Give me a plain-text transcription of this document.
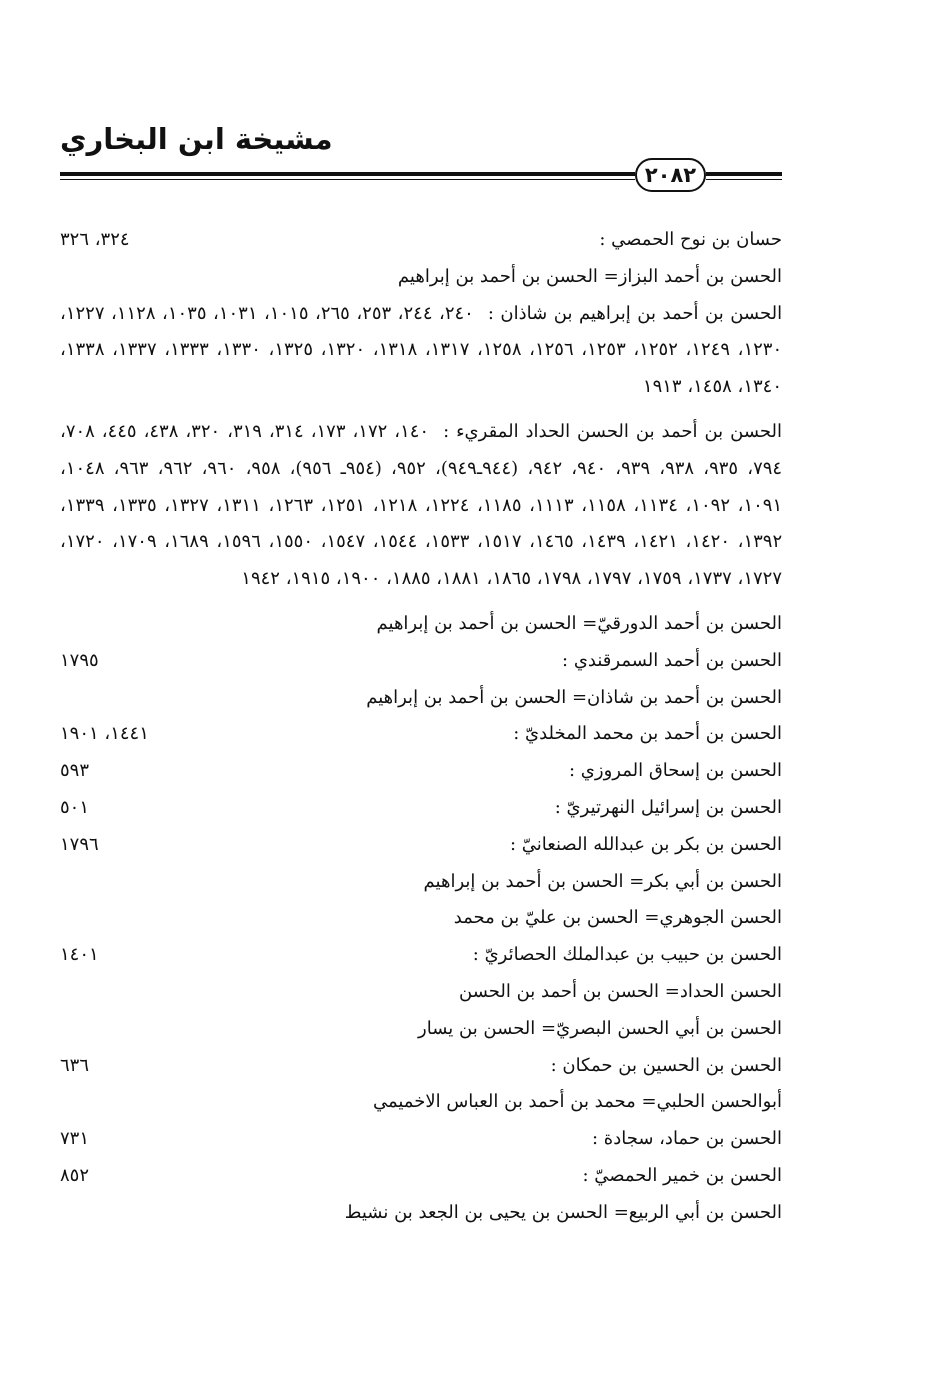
مشيخة ابن البخاري
٢٠٨٢
حسان بن نوح الحمصي :
٣٢٤، ٣٢٦
الحسن بن أحمد البزاز= الحسن بن أحمد بن إبراهيم
الحسن بن أحمد بن إبراهيم بن شاذان :٢٤٠، ٢٤٤، ٢٥٣، ٢٦٥، ١٠١٥، ١٠٣١، ١٠٣٥، ١١٢٨، ١٢٢٧، ١٢٣٠، ١٢٤٩، ١٢٥٢، ١٢٥٣، ١٢٥٦، ١٢٥٨، ١٣١٧، ١٣١٨، ١٣٢٠، ١٣٢٥، ١٣٣٠، ١٣٣٣، ١٣٣٧، ١٣٣٨، ١٣٤٠، ١٤٥٨، ١٩١٣
الحسن بن أحمد بن الحسن الحداد المقريء :١٤٠، ١٧٢، ١٧٣، ٣١٤، ٣١٩، ٣٢٠، ٤٣٨، ٤٤٥، ٧٠٨، ٧٩٤، ٩٣٥، ٩٣٨، ٩٣٩، ٩٤٠، ٩٤٢، (٩٤٤ـ٩٤٩)، ٩٥٢، (٩٥٤ـ ٩٥٦)، ٩٥٨، ٩٦٠، ٩٦٢، ٩٦٣، ١٠٤٨، ١٠٩١، ١٠٩٢، ١١٣٤، ١١٥٨، ١١١٣، ١١٨٥، ١٢٢٤، ١٢١٨، ١٢٥١، ١٢٦٣، ١٣١١، ١٣٢٧، ١٣٣٥، ١٣٣٩، ١٣٩٢، ١٤٢٠، ١٤٢١، ١٤٣٩، ١٤٦٥، ١٥١٧، ١٥٣٣، ١٥٤٤، ١٥٤٧، ١٥٥٠، ١٥٩٦، ١٦٨٩، ١٧٠٩، ١٧٢٠، ١٧٢٧، ١٧٣٧، ١٧٥٩، ١٧٩٧، ١٧٩٨، ١٨٦٥، ١٨٨١، ١٨٨٥، ١٩٠٠، ١٩١٥، ١٩٤٢
الحسن بن أحمد الدورقيّ= الحسن بن أحمد بن إبراهيم
الحسن بن أحمد السمرقندي :
١٧٩٥
الحسن بن أحمد بن شاذان= الحسن بن أحمد بن إبراهيم
الحسن بن أحمد بن محمد المخلديّ :
١٤٤١، ١٩٠١
الحسن بن إسحاق المروزي :
٥٩٣
الحسن بن إسرائيل النهرتيريّ :
٥٠١
الحسن بن بكر بن عبدالله الصنعانيّ :
١٧٩٦
الحسن بن أبي بكر= الحسن بن أحمد بن إبراهيم
الحسن الجوهري= الحسن بن عليّ بن محمد
الحسن بن حبيب بن عبدالملك الحصائريّ :
١٤٠١
الحسن الحداد= الحسن بن أحمد بن الحسن
الحسن بن أبي الحسن البصريّ= الحسن بن يسار
الحسن بن الحسين بن حمكان :
٦٣٦
أبوالحسن الحلبي= محمد بن أحمد بن العباس الاخميمي
الحسن بن حماد، سجادة :
٧٣١
الحسن بن خمير الحمصيّ :
٨٥٢
الحسن بن أبي الربيع= الحسن بن يحيى بن الجعد بن نشيط
